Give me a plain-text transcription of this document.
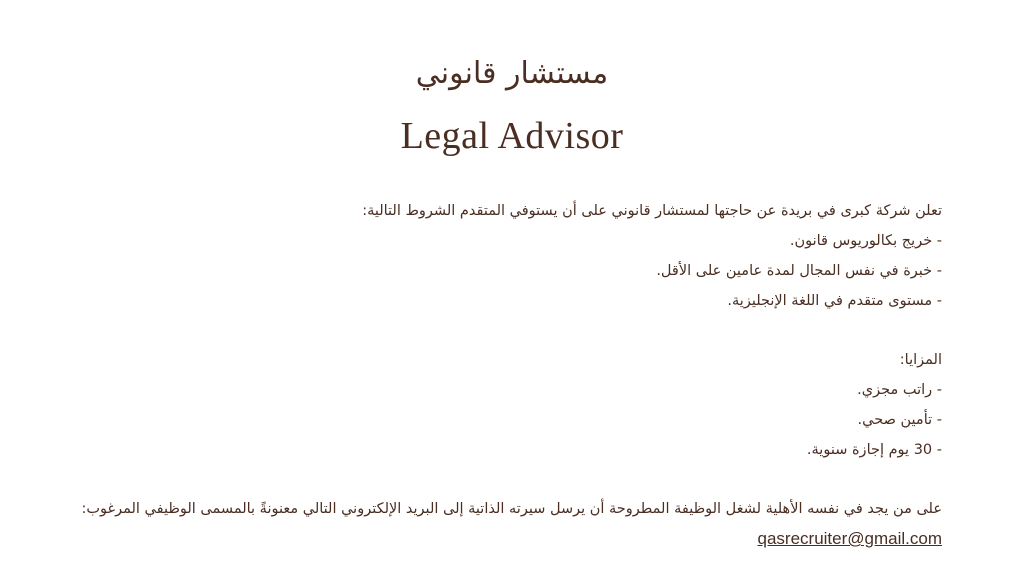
مستشار قانوني
Legal Advisor
تعلن شركة كبرى في بريدة عن حاجتها لمستشار قانوني على أن يستوفي المتقدم الشروط التالية:
- خريج بكالوريوس قانون.
- خبرة في نفس المجال لمدة عامين على الأقل.
- مستوى متقدم في اللغة الإنجليزية.
المزايا:
- راتب مجزي.
- تأمين صحي.
- 30 يوم إجازة سنوية.
على من يجد في نفسه الأهلية لشغل الوظيفة المطروحة أن يرسل سيرته الذاتية إلى البريد الإلكتروني التالي معنونةً بالمسمى الوظيفي المرغوب:
qasrecruiter@gmail.com
